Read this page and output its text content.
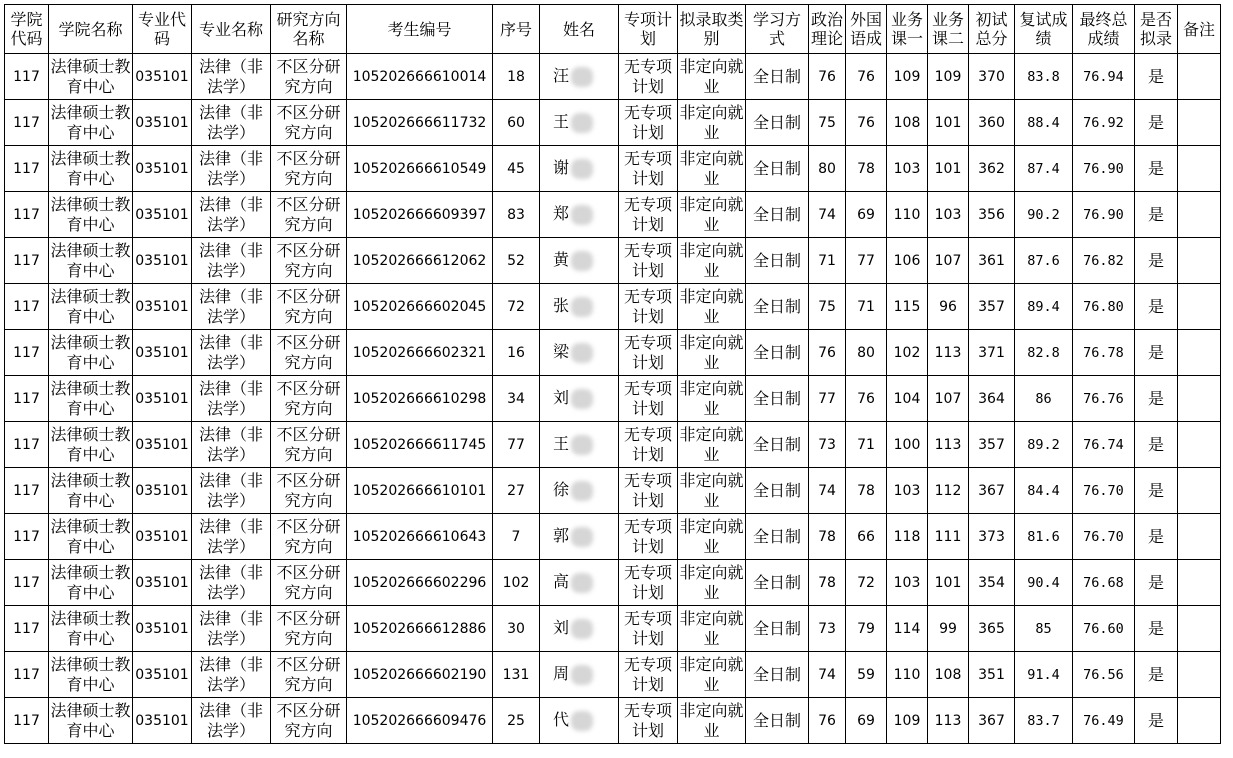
学院代码	学院名称	专业代码	专业名称	研究方向名称	考生编号	序号	姓名	专项计划	拟录取类别	学习方式	政治理论	外国语成	业务课一	业务课二	初试总分	复试成绩	最终总成绩	是否拟录	备注
117	法律硕士教育中心	035101	法律（非法学）	不区分研究方向	105202666610014	18	汪	无专项计划	非定向就业	全日制	76	76	109	109	370	83.8	76.94	是	
117	法律硕士教育中心	035101	法律（非法学）	不区分研究方向	105202666611732	60	王	无专项计划	非定向就业	全日制	75	76	108	101	360	88.4	76.92	是	
117	法律硕士教育中心	035101	法律（非法学）	不区分研究方向	105202666610549	45	谢	无专项计划	非定向就业	全日制	80	78	103	101	362	87.4	76.90	是	
117	法律硕士教育中心	035101	法律（非法学）	不区分研究方向	105202666609397	83	郑	无专项计划	非定向就业	全日制	74	69	110	103	356	90.2	76.90	是	
117	法律硕士教育中心	035101	法律（非法学）	不区分研究方向	105202666612062	52	黄	无专项计划	非定向就业	全日制	71	77	106	107	361	87.6	76.82	是	
117	法律硕士教育中心	035101	法律（非法学）	不区分研究方向	105202666602045	72	张	无专项计划	非定向就业	全日制	75	71	115	96	357	89.4	76.80	是	
117	法律硕士教育中心	035101	法律（非法学）	不区分研究方向	105202666602321	16	梁	无专项计划	非定向就业	全日制	76	80	102	113	371	82.8	76.78	是	
117	法律硕士教育中心	035101	法律（非法学）	不区分研究方向	105202666610298	34	刘	无专项计划	非定向就业	全日制	77	76	104	107	364	86	76.76	是	
117	法律硕士教育中心	035101	法律（非法学）	不区分研究方向	105202666611745	77	王	无专项计划	非定向就业	全日制	73	71	100	113	357	89.2	76.74	是	
117	法律硕士教育中心	035101	法律（非法学）	不区分研究方向	105202666610101	27	徐	无专项计划	非定向就业	全日制	74	78	103	112	367	84.4	76.70	是	
117	法律硕士教育中心	035101	法律（非法学）	不区分研究方向	105202666610643	7	郭	无专项计划	非定向就业	全日制	78	66	118	111	373	81.6	76.70	是	
117	法律硕士教育中心	035101	法律（非法学）	不区分研究方向	105202666602296	102	高	无专项计划	非定向就业	全日制	78	72	103	101	354	90.4	76.68	是	
117	法律硕士教育中心	035101	法律（非法学）	不区分研究方向	105202666612886	30	刘	无专项计划	非定向就业	全日制	73	79	114	99	365	85	76.60	是	
117	法律硕士教育中心	035101	法律（非法学）	不区分研究方向	105202666602190	131	周	无专项计划	非定向就业	全日制	74	59	110	108	351	91.4	76.56	是	
117	法律硕士教育中心	035101	法律（非法学）	不区分研究方向	105202666609476	25	代	无专项计划	非定向就业	全日制	76	69	109	113	367	83.7	76.49	是	
